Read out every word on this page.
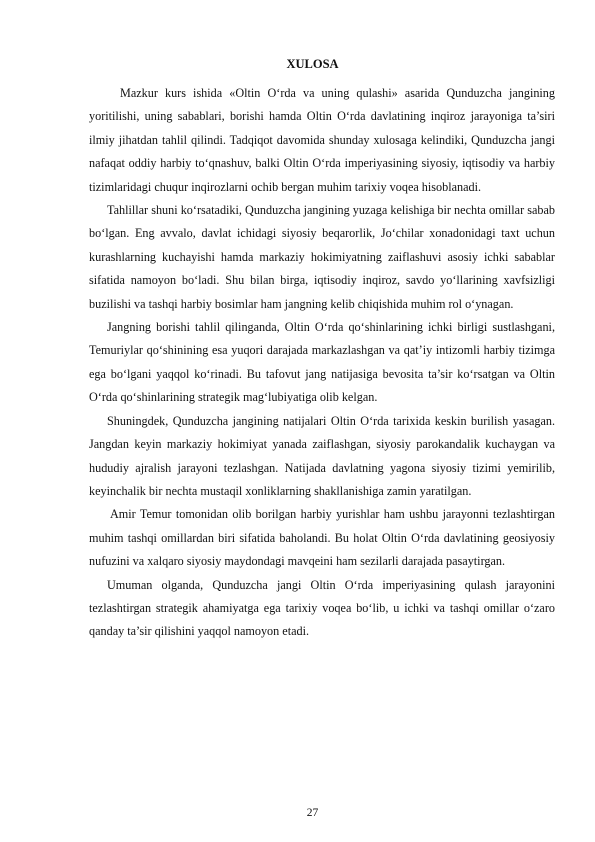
XULOSA

Mazkur kurs ishida «Oltin O‘rda va uning qulashi» asarida Qunduzcha jangining yoritilishi, uning sabablari, borishi hamda Oltin O‘rda davlatining inqiroz jarayoniga ta’siri ilmiy jihatdan tahlil qilindi. Tadqiqot davomida shunday xulosaga kelindiki, Qunduzcha jangi nafaqat oddiy harbiy to‘qnashuv, balki Oltin O‘rda imperiyasining siyosiy, iqtisodiy va harbiy tizimlaridagi chuqur inqirozlarni ochib bergan muhim tarixiy voqea hisoblanadi.

Tahlillar shuni ko‘rsatadiki, Qunduzcha jangining yuzaga kelishiga bir nechta omillar sabab bo‘lgan. Eng avvalo, davlat ichidagi siyosiy beqarorlik, Jo‘chilar xonadonidagi taxt uchun kurashlarning kuchayishi hamda markaziy hokimiyatning zaiflashuvi asosiy ichki sabablar sifatida namoyon bo‘ladi. Shu bilan birga, iqtisodiy inqiroz, savdo yo‘llarining xavfsizligi buzilishi va tashqi harbiy bosimlar ham jangning kelib chiqishida muhim rol o‘ynagan.

Jangning borishi tahlil qilinganda, Oltin O‘rda qo‘shinlarining ichki birligi sustlashgani, Temuriylar qo‘shinining esa yuqori darajada markazlashgan va qat’iy intizomli harbiy tizimga ega bo‘lgani yaqqol ko‘rinadi. Bu tafovut jang natijasiga bevosita ta’sir ko‘rsatgan va Oltin O‘rda qo‘shinlarining strategik mag‘lubiyatiga olib kelgan.

Shuningdek, Qunduzcha jangining natijalari Oltin O‘rda tarixida keskin burilish yasagan. Jangdan keyin markaziy hokimiyat yanada zaiflashgan, siyosiy parokandalik kuchaygan va hududiy ajralish jarayoni tezlashgan. Natijada davlatning yagona siyosiy tizimi yemirilib, keyinchalik bir nechta mustaqil xonliklarning shakllanishiga zamin yaratilgan.

Amir Temur tomonidan olib borilgan harbiy yurishlar ham ushbu jarayonni tezlashtirgan muhim tashqi omillardan biri sifatida baholandi. Bu holat Oltin O‘rda davlatining geosiyosiy nufuzini va xalqaro siyosiy maydondagi mavqeini ham sezilarli darajada pasaytirgan.

Umuman olganda, Qunduzcha jangi Oltin O‘rda imperiyasining qulash jarayonini tezlashtirgan strategik ahamiyatga ega tarixiy voqea bo‘lib, u ichki va tashqi omillar o‘zaro qanday ta’sir qilishini yaqqol namoyon etadi.

27
